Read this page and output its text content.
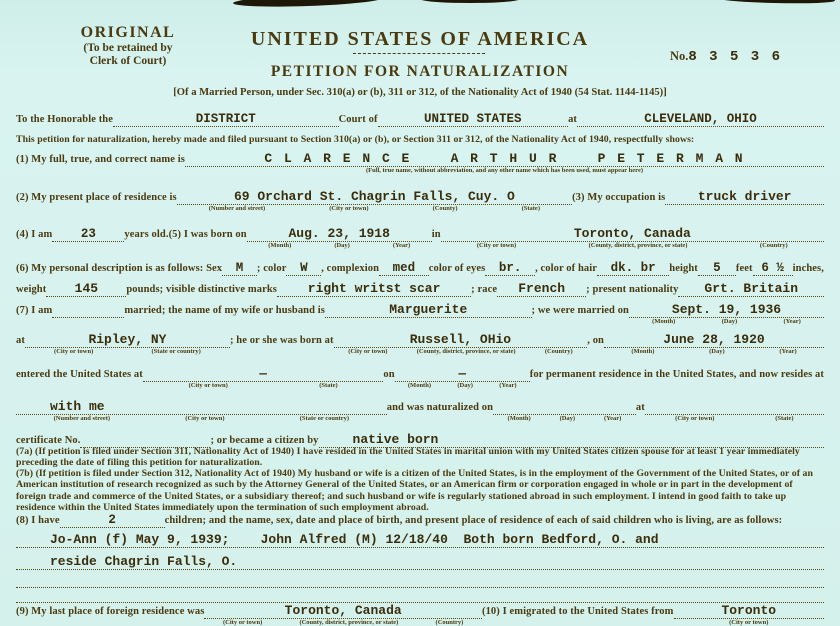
ORIGINAL
(To be retained by
Clerk of Court)
UNITED STATES OF AMERICA
No. 8 3 5 3 6
PETITION FOR NATURALIZATION
[Of a Married Person, under Sec. 310(a) or (b), 311 or 312, of the Nationality Act of 1940 (54 Stat. 1144-1145)]
To the Honorable the	DISTRICT	Court of	UNITED STATES	at	CLEVELAND, OHIO
This petition for naturalization, hereby made and filed pursuant to Section 310(a) or (b), or Section 311 or 312, of the Nationality Act of 1940, respectfully shows:
(1) My full, true, and correct name is	C L A R E N C E    A R T H U R    P E T E R M A N
(Full, true name, without abbreviation, and any other name which has been used, must appear here)
(2) My present place of residence is	69 Orchard St. Chagrin Falls, Cuy. O
(Number and street)	(City or town)	(County)	(State)
(3) My occupation is	truck driver
(4) I am	23	years old. (5) I was born on	Aug. 23, 1918
(Month)	(Day)	(Year)
in	Toronto, Canada
(City or town)	(County, district, province, or state)	(Country)
(6) My personal description is as follows: Sex	M	; color	W	, complexion	med	color of eyes	br.	, color of hair	dk. br	height	5	feet 6 ½ inches,
weight	145	pounds; visible distinctive marks	right writst scar	; race	French	; present nationality	Grt. Britain
(7) I am
	married; the name of my wife or husband is	Marguerite	; we were married on	Sept. 19, 1936
(Month)	(Day)	(Year)
at	Ripley, NY
(City or town)	(State or country)
; he or she was born at	Russell, OHio
(City or town)	(County, district, province, or state)	(Country)
, on	June 28, 1920
(Month)	(Day)	(Year)
entered the United States at	—
(City or town)	(State)
on	—
(Month)	(Day)	(Year)
for permanent residence in the United States, and now resides at
with me
(Number and street)	(City or town)	(State or country)
and was naturalized on

(Month)	(Day)	(Year)
at

(City or town)	(State)
certificate No.
	; or became a citizen by	native born
(7a) (If petition is filed under Section 311, Nationality Act of 1940) I have resided in the United States in marital union with my United States citizen spouse for at least 1 year immediately preceding the date of filing this petition for naturalization.
(7b) (If petition is filed under Section 312, Nationality Act of 1940) My husband or wife is a citizen of the United States, is in the employment of the Government of the United States, or of an American institution of research recognized as such by the Attorney General of the United States, or an American firm or corporation engaged in whole or in part in the development of foreign trade and commerce of the United States, or a subsidiary thereof; and such husband or wife is regularly stationed abroad in such employment. I intend in good faith to take up residence within the United States immediately upon the termination of such employment abroad.
(8) I have	2	children; and the name, sex, date and place of birth, and present place of residence of each of said children who is living, are as follows:
Jo-Ann (f) May 9, 1939;    John Alfred (M) 12/18/40  Both born Bedford, O. and
reside Chagrin Falls, O.

(9) My last place of foreign residence was	Toronto, Canada
(City or town)	(County, district, province, or state)	(Country)
(10) I emigrated to the United States from	Toronto
(City or town)
